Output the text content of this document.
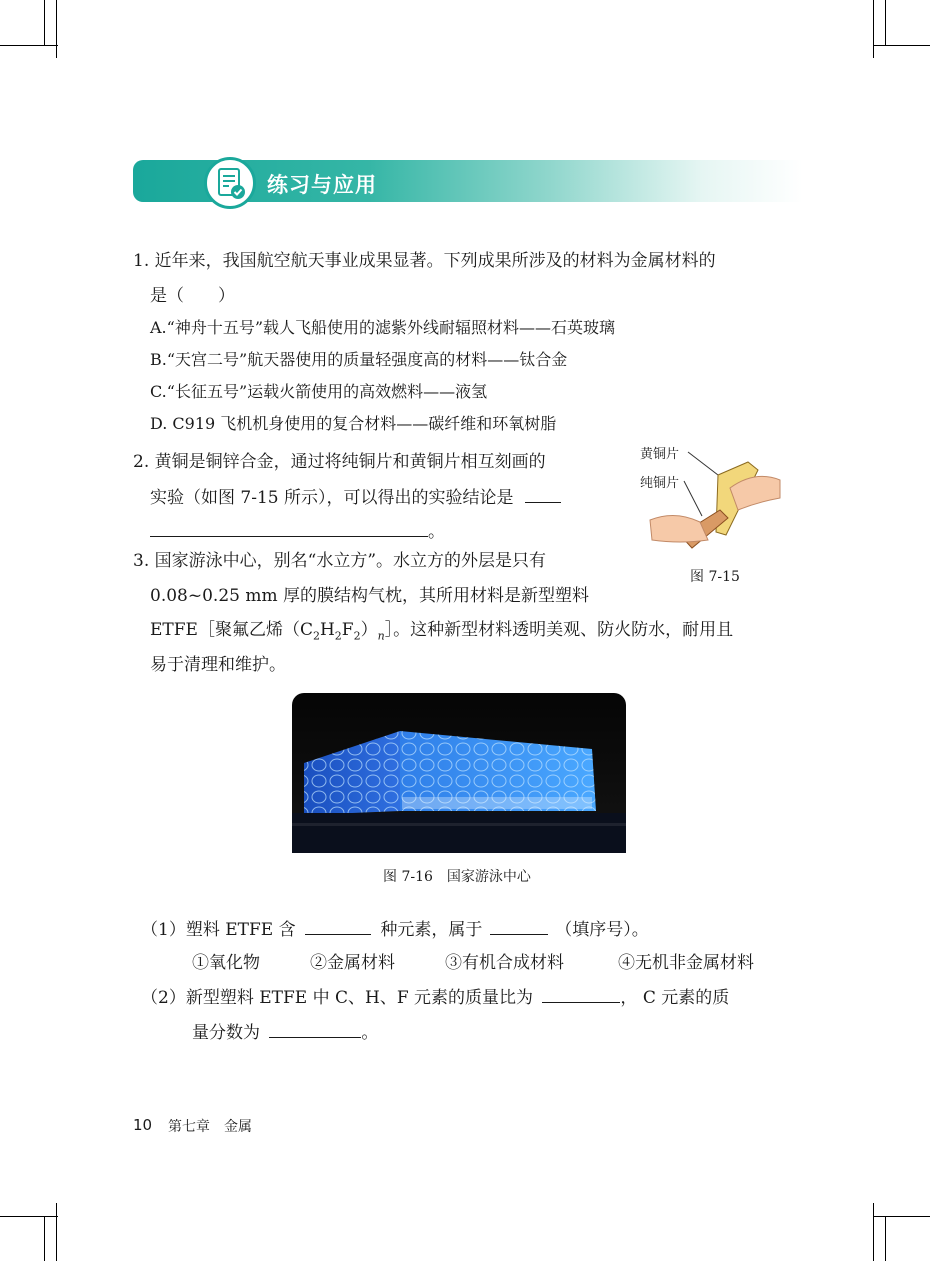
练习与应用
1. 近年来，我国航空航天事业成果显著。下列成果所涉及的材料为金属材料的
是（　　）
A.“神舟十五号”载人飞船使用的滤紫外线耐辐照材料——石英玻璃
B.“天宫二号”航天器使用的质量轻强度高的材料——钛合金
C.“长征五号”运载火箭使用的高效燃料——液氢
D. C919 飞机机身使用的复合材料——碳纤维和环氧树脂
2. 黄铜是铜锌合金，通过将纯铜片和黄铜片相互刻画的
实验（如图 7-15 所示），可以得出的实验结论是
。
黄铜片
纯铜片
图 7-15
3. 国家游泳中心，别名“水立方”。水立方的外层是只有
0.08~0.25 mm 厚的膜结构气枕，其所用材料是新型塑料
ETFE［聚氟乙烯$(C_2H_2F_2)_n]$。这种新型材料透明美观、防火防水，耐用且
易于清理和维护。
图 7-16　国家游泳中心
（1）塑料 ETFE 含	种元素，属于	（填序号）。
①氧化物	②金属材料	③有机合成材料	④无机非金属材料
（2）新型塑料 ETFE 中 C、H、F 元素的质量比为	， C 元素的质
量分数为	。
10 第七章　金属
